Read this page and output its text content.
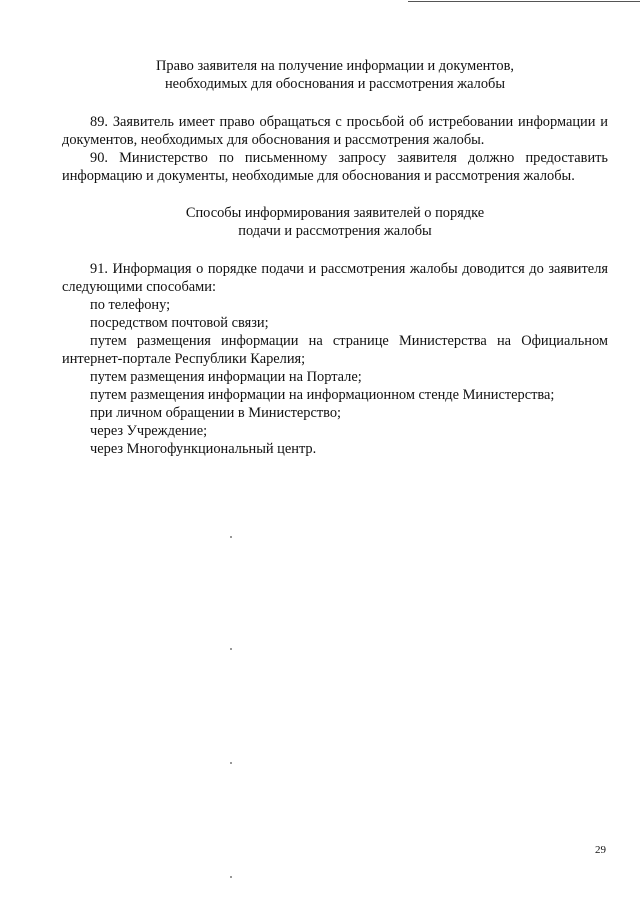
Право заявителя на получение информации и документов,
необходимых для обоснования и рассмотрения жалобы

89. Заявитель имеет право обращаться с просьбой об истребовании информации и документов, необходимых для обоснования и рассмотрения жалобы.

90. Министерство по письменному запросу заявителя должно предоставить информацию и документы, необходимые для обоснования и рассмотрения жалобы.

Способы информирования заявителей о порядке
подачи и рассмотрения жалобы

91. Информация о порядке подачи и рассмотрения жалобы доводится до заявителя следующими способами:

по телефону;

посредством почтовой связи;

путем размещения информации на странице Министерства на Официальном интернет-портале Республики Карелия;

путем размещения информации на Портале;

путем размещения информации на информационном стенде Министерства;

при личном обращении в Министерство;

через Учреждение;

через Многофункциональный центр.

29
